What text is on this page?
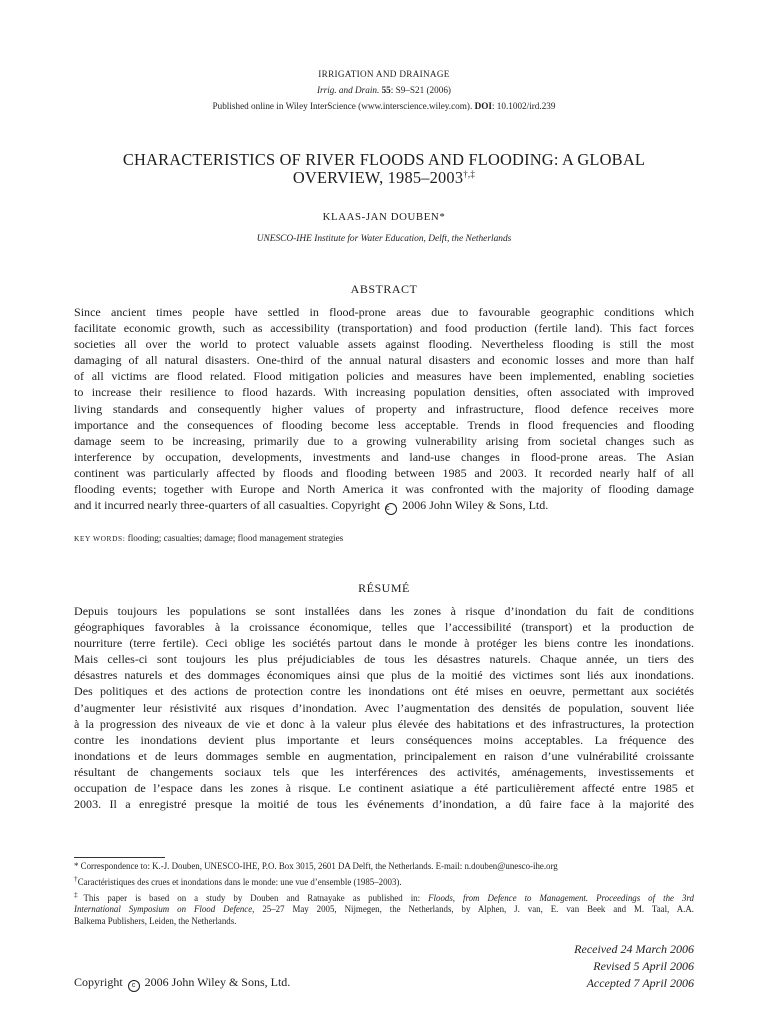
IRRIGATION AND DRAINAGE
Irrig. and Drain. 55: S9–S21 (2006)
Published online in Wiley InterScience (www.interscience.wiley.com). DOI: 10.1002/ird.239
CHARACTERISTICS OF RIVER FLOODS AND FLOODING: A GLOBAL
OVERVIEW, 1985–2003†,‡
KLAAS-JAN DOUBEN*
UNESCO-IHE Institute for Water Education, Delft, the Netherlands
ABSTRACT
Since ancient times people have settled in flood-prone areas due to favourable geographic conditions which
facilitate economic growth, such as accessibility (transportation) and food production (fertile land). This fact forces
societies all over the world to protect valuable assets against flooding. Nevertheless flooding is still the most
damaging of all natural disasters. One-third of the annual natural disasters and economic losses and more than half
of all victims are flood related. Flood mitigation policies and measures have been implemented, enabling societies
to increase their resilience to flood hazards. With increasing population densities, often associated with improved
living standards and consequently higher values of property and infrastructure, flood defence receives more
importance and the consequences of flooding become less acceptable. Trends in flood frequencies and flooding
damage seem to be increasing, primarily due to a growing vulnerability arising from societal changes such as
interference by occupation, developments, investments and land-use changes in flood-prone areas. The Asian
continent was particularly affected by floods and flooding between 1985 and 2003. It recorded nearly half of all
flooding events; together with Europe and North America it was confronted with the majority of flooding damage
and it incurred nearly three-quarters of all casualties. Copyright c 2006 John Wiley & Sons, Ltd.
KEY WORDS: flooding; casualties; damage; flood management strategies
RÉSUMÉ
Depuis toujours les populations se sont installées dans les zones à risque d’inondation du fait de conditions
géographiques favorables à la croissance économique, telles que l’accessibilité (transport) et la production de
nourriture (terre fertile). Ceci oblige les sociétés partout dans le monde à protéger les biens contre les inondations.
Mais celles-ci sont toujours les plus préjudiciables de tous les désastres naturels. Chaque année, un tiers des
désastres naturels et des dommages économiques ainsi que plus de la moitié des victimes sont liés aux inondations.
Des politiques et des actions de protection contre les inondations ont été mises en oeuvre, permettant aux sociétés
d’augmenter leur résistivité aux risques d’inondation. Avec l’augmentation des densités de population, souvent liée
à la progression des niveaux de vie et donc à la valeur plus élevée des habitations et des infrastructures, la protection
contre les inondations devient plus importante et leurs conséquences moins acceptables. La fréquence des
inondations et de leurs dommages semble en augmentation, principalement en raison d’une vulnérabilité croissante
résultant de changements sociaux tels que les interférences des activités, aménagements, investissements et
occupation de l’espace dans les zones à risque. Le continent asiatique a été particulièrement affecté entre 1985 et
2003. Il a enregistré presque la moitié de tous les événements d’inondation, a dû faire face à la majorité des
* Correspondence to: K.-J. Douben, UNESCO-IHE, P.O. Box 3015, 2601 DA Delft, the Netherlands. E-mail: n.douben@unesco-ihe.org
†Caractéristiques des crues et inondations dans le monde: une vue d’ensemble (1985–2003).
‡This paper is based on a study by Douben and Ratnayake as published in: Floods, from Defence to Management. Proceedings of the 3rd
International Symposium on Flood Defence, 25–27 May 2005, Nijmegen, the Netherlands, by Alphen, J. van, E. van Beek and M. Taal, A.A.
Balkema Publishers, Leiden, the Netherlands.
Received 24 March 2006
Revised 5 April 2006
Accepted 7 April 2006
Copyright c 2006 John Wiley & Sons, Ltd.
